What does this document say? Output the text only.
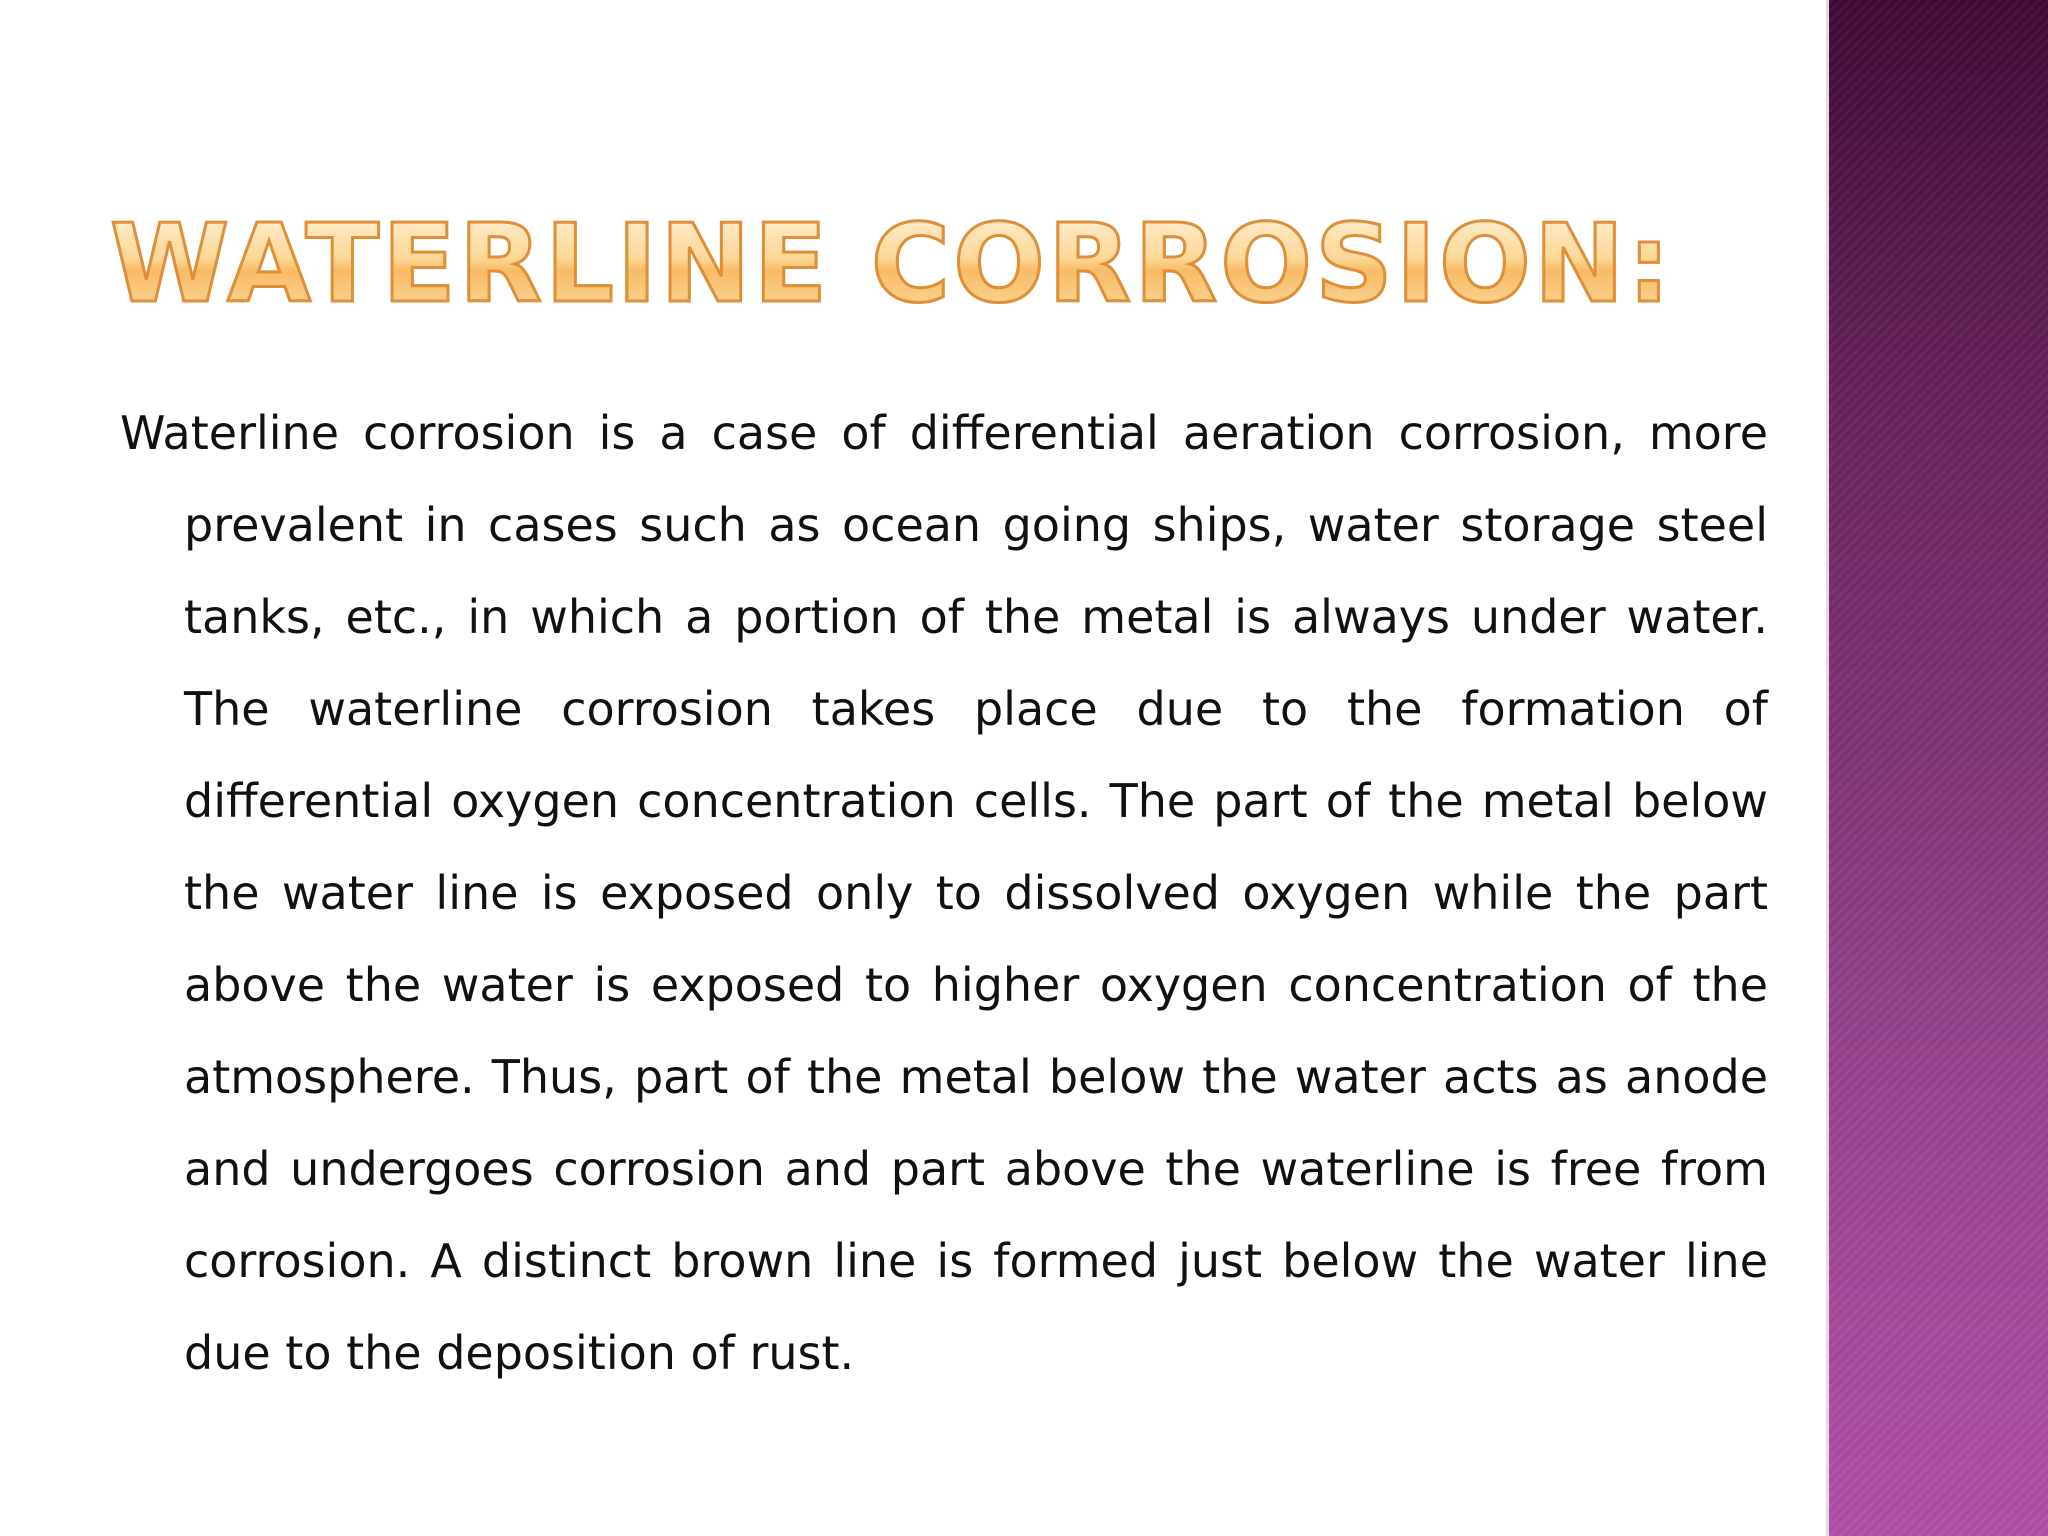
WATERLINE CORROSION:

Waterline corrosion is a case of differential aeration corrosion, more prevalent in cases such as ocean going ships, water storage steel tanks, etc., in which a portion of the metal is always under water. The waterline corrosion takes place due to the formation of differential oxygen concentration cells. The part of the metal below the water line is exposed only to dissolved oxygen while the part above the water is exposed to higher oxygen concentration of the atmosphere. Thus, part of the metal below the water acts as anode and undergoes corrosion and part above the waterline is free from corrosion. A distinct brown line is formed just below the water line due to the deposition of rust.
